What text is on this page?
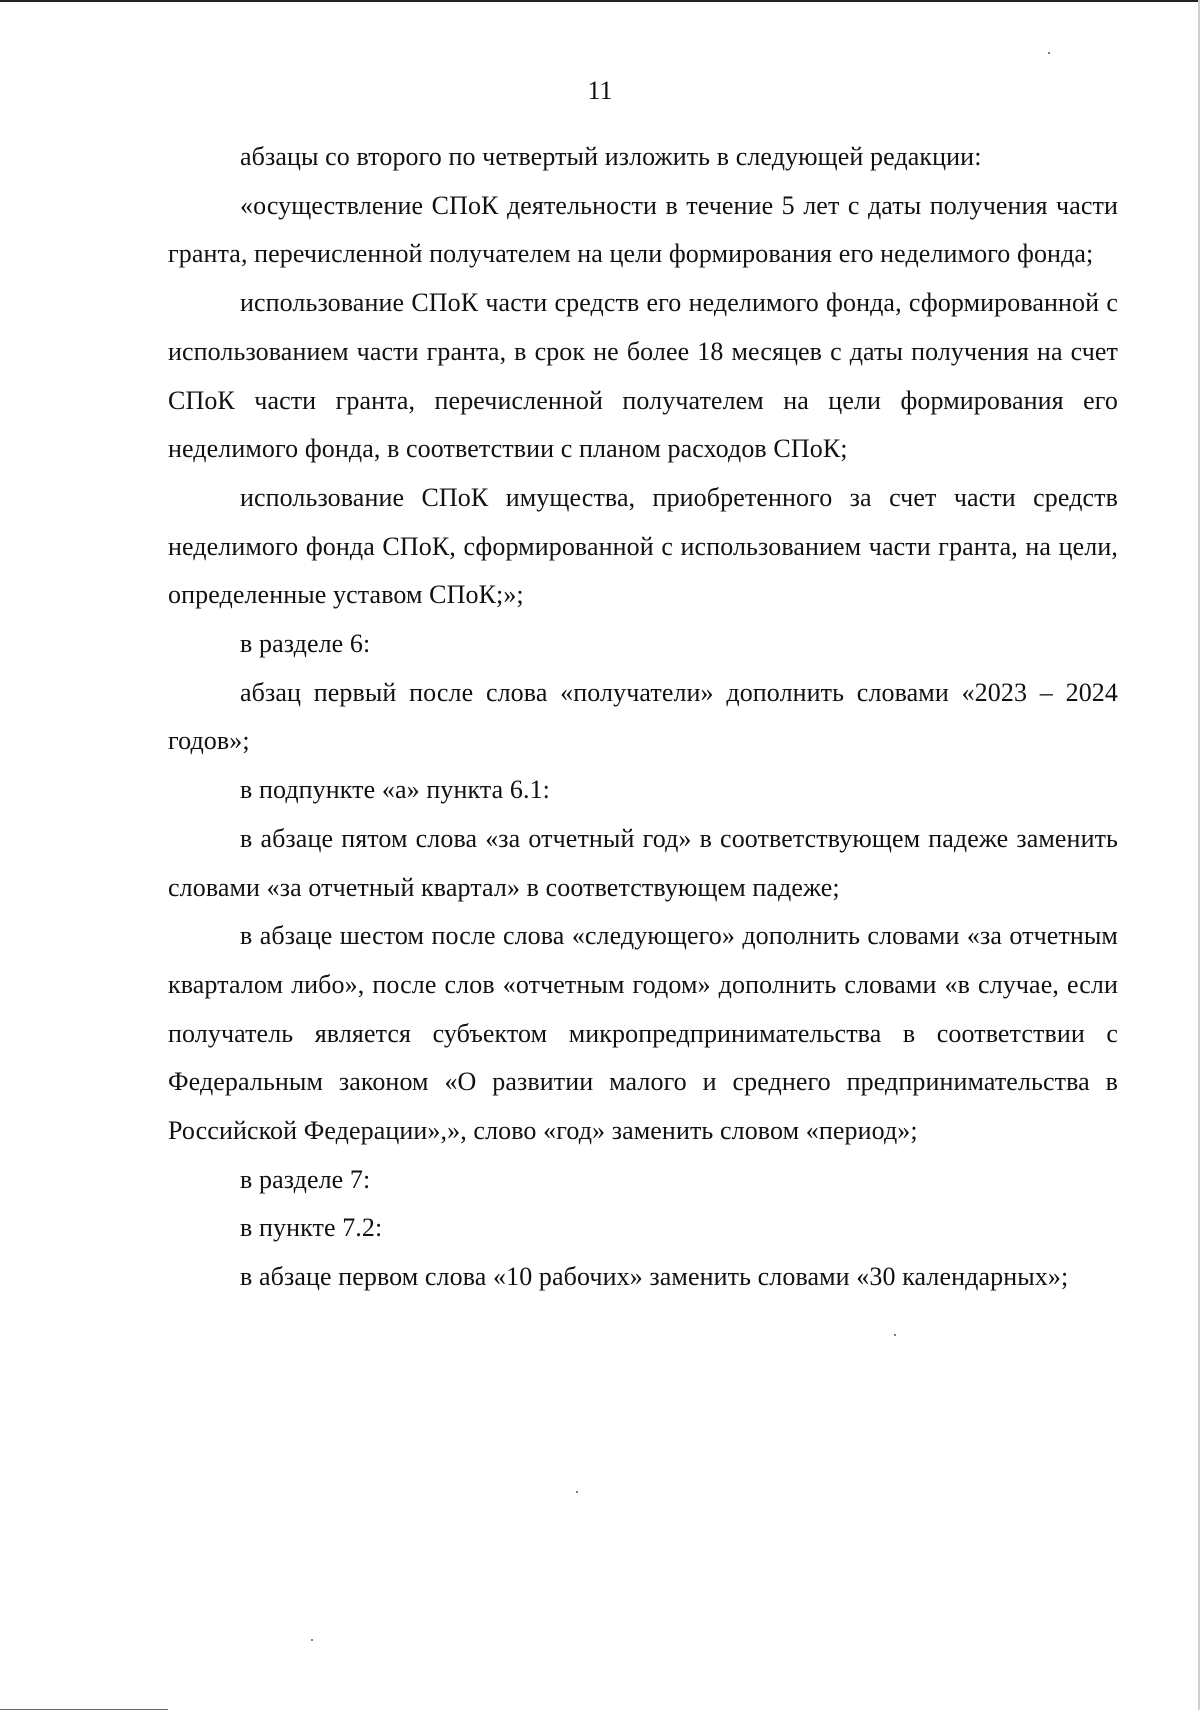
11

абзацы со второго по четвертый изложить в следующей редакции:

«осуществление СПоК деятельности в течение 5 лет с даты получения части гранта, перечисленной получателем на цели формирования его неделимого фонда;

использование СПоК части средств его неделимого фонда, сформированной с использованием части гранта, в срок не более 18 месяцев с даты получения на счет СПоК части гранта, перечисленной получателем на цели формирования его неделимого фонда, в соответствии с планом расходов СПоК;

использование СПоК имущества, приобретенного за счет части средств неделимого фонда СПоК, сформированной с использованием части гранта, на цели, определенные уставом СПоК;»;

в разделе 6:

абзац первый после слова «получатели» дополнить словами «2023 – 2024 годов»;

в подпункте «а» пункта 6.1:

в абзаце пятом слова «за отчетный год» в соответствующем падеже заменить словами «за отчетный квартал» в соответствующем падеже;

в абзаце шестом после слова «следующего» дополнить словами «за отчетным кварталом либо», после слов «отчетным годом» дополнить словами «в случае, если получатель является субъектом микропредпринимательства в соответствии с Федеральным законом «О развитии малого и среднего предпринимательства в Российской Федерации»,», слово «год» заменить словом «период»;

в разделе 7:

в пункте 7.2:

в абзаце первом слова «10 рабочих» заменить словами «30 календарных»;
